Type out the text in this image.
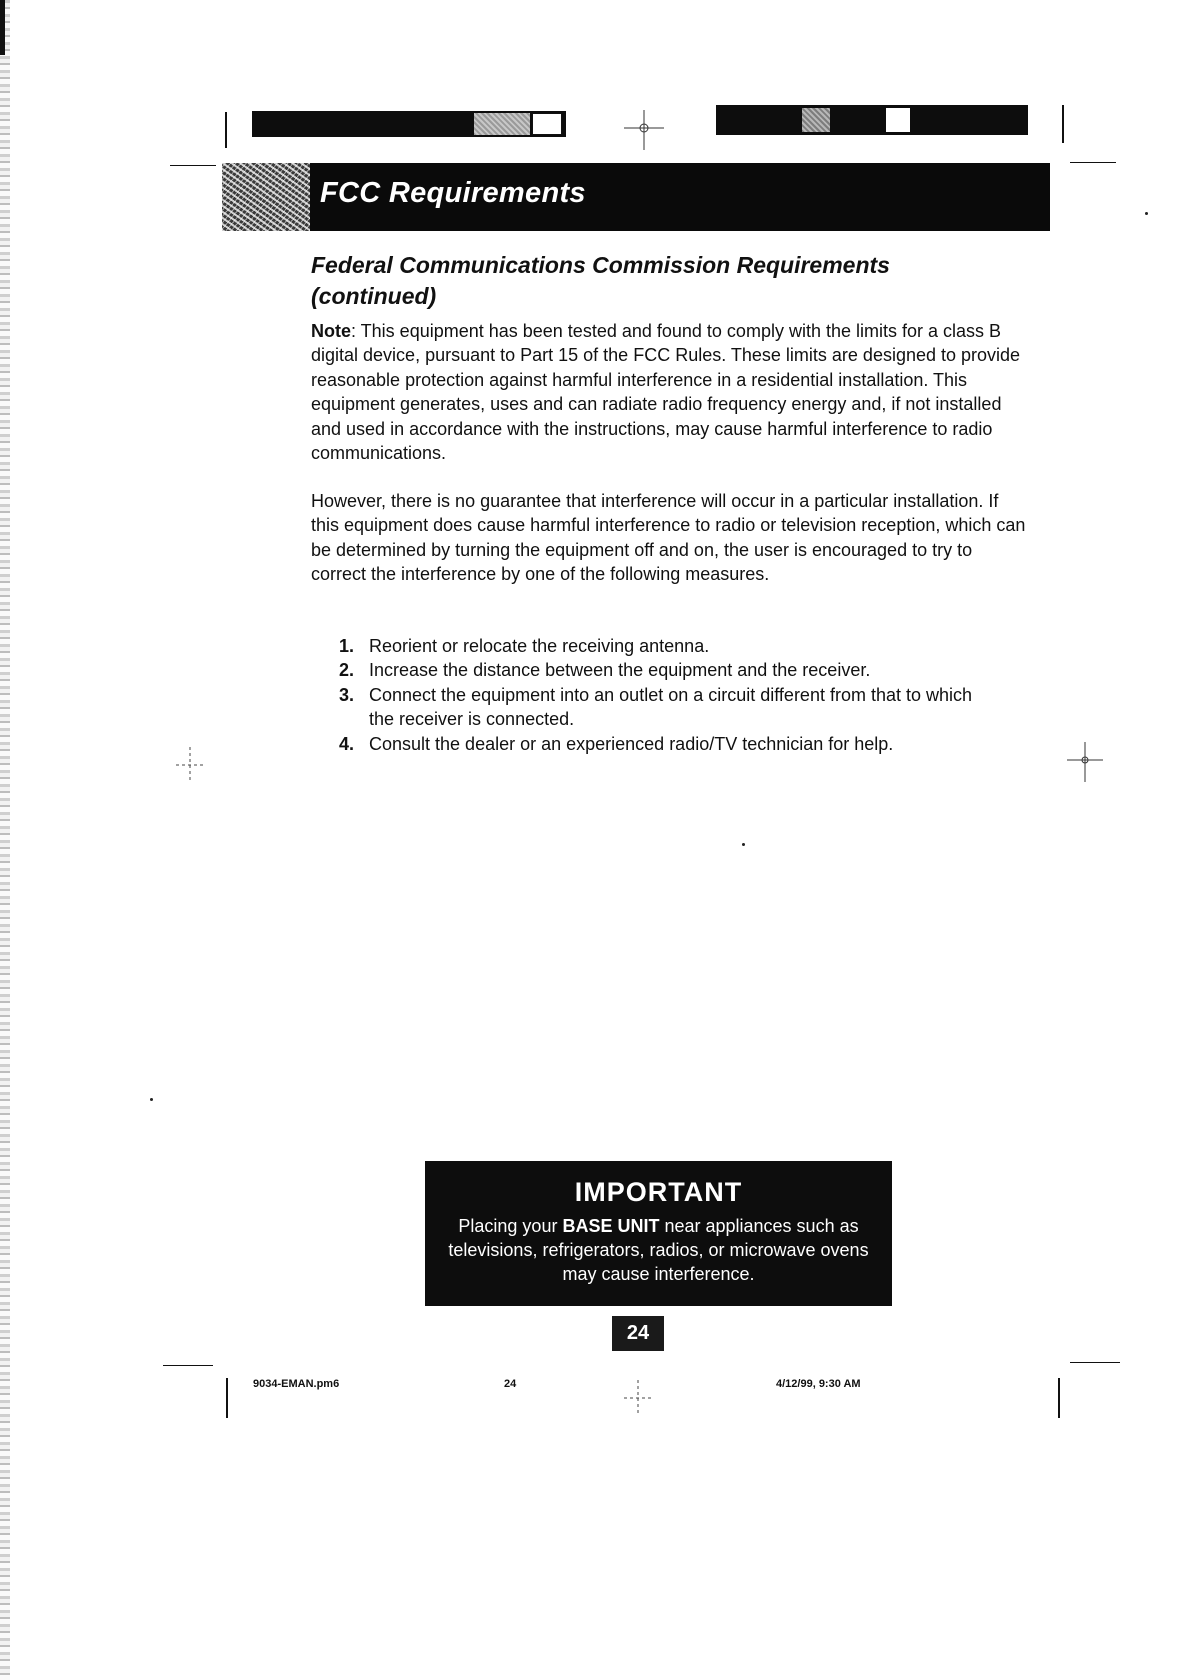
FCC Requirements
Federal Communications Commission Requirements
(continued)
Note: This equipment has been tested and found to comply with the limits for a class B digital device, pursuant to Part 15 of the FCC Rules. These limits are designed to provide reasonable protection against harmful interference in a residential installation. This equipment generates, uses and can radiate radio frequency energy and, if not installed and used in accordance with the instructions, may cause harmful interference to radio communications.
However, there is no guarantee that interference will occur in a particular installation. If this equipment does cause harmful interference to radio or television reception, which can be determined by turning the equipment off and on, the user is encouraged to try to correct the interference by one of the following measures.
1. Reorient or relocate the receiving antenna.
2. Increase the distance between the equipment and the receiver.
3. Connect the equipment into an outlet on a circuit different from that to which the receiver is connected.
4. Consult the dealer or an experienced radio/TV technician for help.
IMPORTANT
Placing your BASE UNIT near appliances such as televisions, refrigerators, radios, or microwave ovens may cause interference.
24
9034-EMAN.pm6	24	4/12/99, 9:30 AM
